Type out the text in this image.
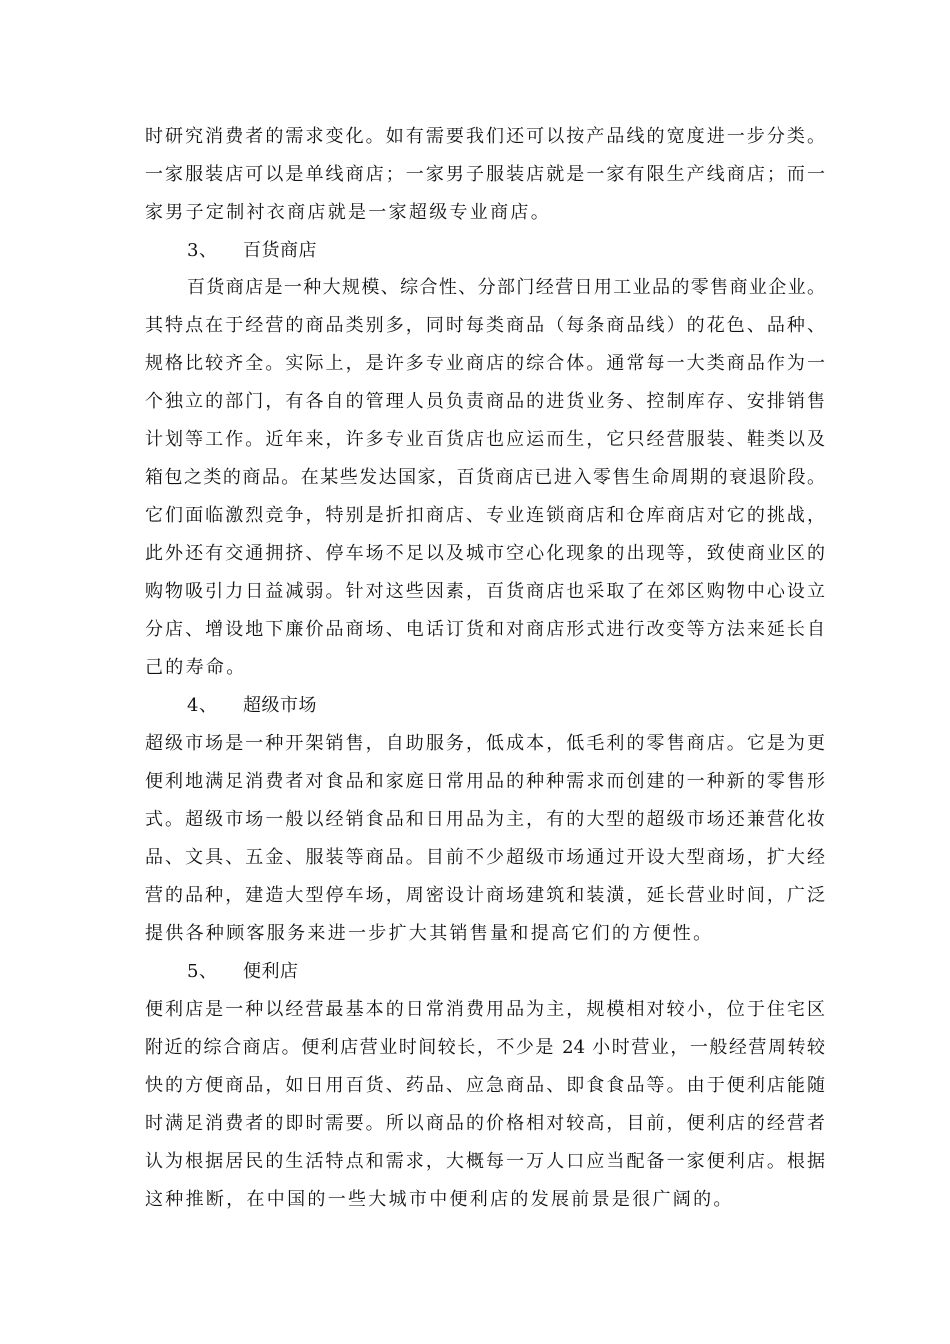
时研究消费者的需求变化。如有需要我们还可以按产品线的宽度进一步分类。
一家服装店可以是单线商店；一家男子服装店就是一家有限生产线商店；而一
家男子定制衬衣商店就是一家超级专业商店。
3、 百货商店
百货商店是一种大规模、综合性、分部门经营日用工业品的零售商业企业。
其特点在于经营的商品类别多，同时每类商品（每条商品线）的花色、品种、
规格比较齐全。实际上，是许多专业商店的综合体。通常每一大类商品作为一
个独立的部门，有各自的管理人员负责商品的进货业务、控制库存、安排销售
计划等工作。近年来，许多专业百货店也应运而生，它只经营服装、鞋类以及
箱包之类的商品。在某些发达国家，百货商店已进入零售生命周期的衰退阶段。
它们面临激烈竞争，特别是折扣商店、专业连锁商店和仓库商店对它的挑战，
此外还有交通拥挤、停车场不足以及城市空心化现象的出现等，致使商业区的
购物吸引力日益减弱。针对这些因素，百货商店也采取了在郊区购物中心设立
分店、增设地下廉价品商场、电话订货和对商店形式进行改变等方法来延长自
己的寿命。
4、 超级市场
超级市场是一种开架销售，自助服务，低成本，低毛利的零售商店。它是为更
便利地满足消费者对食品和家庭日常用品的种种需求而创建的一种新的零售形
式。超级市场一般以经销食品和日用品为主，有的大型的超级市场还兼营化妆
品、文具、五金、服装等商品。目前不少超级市场通过开设大型商场，扩大经
营的品种，建造大型停车场，周密设计商场建筑和装潢，延长营业时间，广泛
提供各种顾客服务来进一步扩大其销售量和提高它们的方便性。
5、 便利店
便利店是一种以经营最基本的日常消费用品为主，规模相对较小，位于住宅区
附近的综合商店。便利店营业时间较长，不少是 24 小时营业，一般经营周转较
快的方便商品，如日用百货、药品、应急商品、即食食品等。由于便利店能随
时满足消费者的即时需要。所以商品的价格相对较高，目前，便利店的经营者
认为根据居民的生活特点和需求，大概每一万人口应当配备一家便利店。根据
这种推断，在中国的一些大城市中便利店的发展前景是很广阔的。
